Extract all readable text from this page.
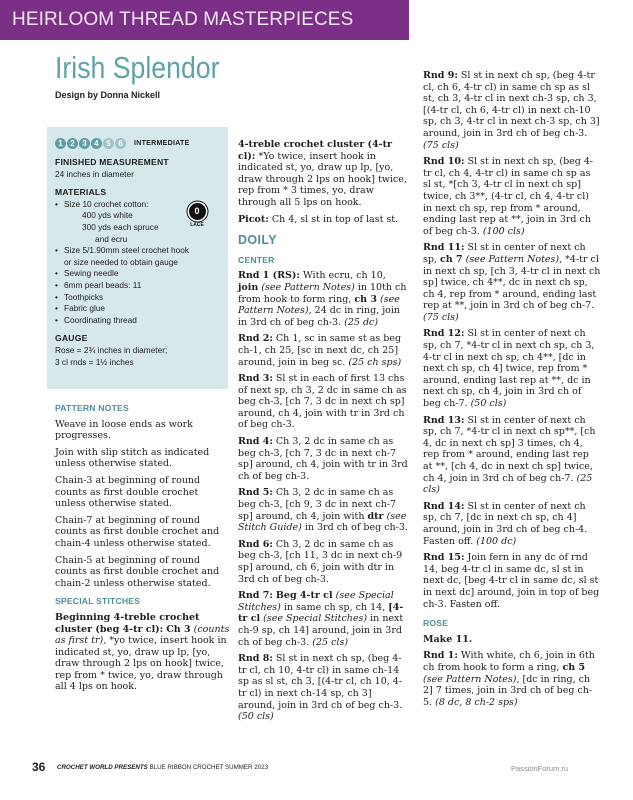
HEIRLOOM THREAD MASTERPIECES
Irish Splendor
Design by Donna Nickell
1 2 3 4 5 6	INTERMEDIATE
FINISHED MEASUREMENT
24 inches in diameter
MATERIALS
• Size 10 crochet cotton:
400 yds white
300 yds each spruce
and ecru
• Size 5/1.90mm steel crochet hook
or size needed to obtain gauge
• Sewing needle
• 6mm pearl beads: 11
• Toothpicks
• Fabric glue
• Coordinating thread
GAUGE
Rose = 2¾ inches in diameter;
3 cl rnds = 1½ inches
0
LACE
PATTERN NOTES

Weave in loose ends as work progresses.

Join with slip stitch as indicated unless otherwise stated.

Chain-3 at beginning of round counts as first double crochet unless otherwise stated.

Chain-7 at beginning of round counts as first double crochet and chain-4 unless otherwise stated.

Chain-5 at beginning of round counts as first double crochet and chain-2 unless otherwise stated.

SPECIAL STITCHES

Beginning 4-treble crochet cluster (beg 4-tr cl): Ch 3 (counts as first tr), *yo twice, insert hook in indicated st, yo, draw up lp, [yo, draw through 2 lps on hook] twice, rep from * twice, yo, draw through all 4 lps on hook.

4-treble crochet cluster (4-tr cl): *Yo twice, insert hook in indicated st, yo, draw up lp, [yo, draw through 2 lps on hook] twice, rep from * 3 times, yo, draw through all 5 lps on hook.

Picot: Ch 4, sl st in top of last st.

DOILY
CENTER

Rnd 1 (RS): With ecru, ch 10, join (see Pattern Notes) in 10th ch from hook to form ring, ch 3 (see Pattern Notes), 24 dc in ring, join in 3rd ch of beg ch-3. (25 dc)

Rnd 2: Ch 1, sc in same st as beg ch-1, ch 25, [sc in next dc, ch 25] around, join in beg sc. (25 ch sps)

Rnd 3: Sl st in each of first 13 chs of next sp, ch 3, 2 dc in same ch as beg ch-3, [ch 7, 3 dc in next ch sp] around, ch 4, join with tr in 3rd ch of beg ch-3.

Rnd 4: Ch 3, 2 dc in same ch as beg ch-3, [ch 7, 3 dc in next ch-7 sp] around, ch 4, join with tr in 3rd ch of beg ch-3.

Rnd 5: Ch 3, 2 dc in same ch as beg ch-3, [ch 9, 3 dc in next ch-7 sp] around, ch 4, join with dtr (see Stitch Guide) in 3rd ch of beg ch-3.

Rnd 6: Ch 3, 2 dc in same ch as beg ch-3, [ch 11, 3 dc in next ch-9 sp] around, ch 6, join with dtr in 3rd ch of beg ch-3.

Rnd 7: Beg 4-tr cl (see Special Stitches) in same ch sp, ch 14, [4-tr cl (see Special Stitches) in next ch-9 sp, ch 14] around, join in 3rd ch of beg ch-3. (25 cls)

Rnd 8: Sl st in next ch sp, (beg 4-tr cl, ch 10, 4-tr cl) in same ch-14 sp as sl st, ch 3, [(4-tr cl, ch 10, 4-tr cl) in next ch-14 sp, ch 3] around, join in 3rd ch of beg ch-3. (50 cls)

Rnd 9: Sl st in next ch sp, (beg 4-tr cl, ch 6, 4-tr cl) in same ch sp as sl st, ch 3, 4-tr cl in next ch-3 sp, ch 3, [(4-tr cl, ch 6, 4-tr cl) in next ch-10 sp, ch 3, 4-tr cl in next ch-3 sp, ch 3] around, join in 3rd ch of beg ch-3. (75 cls)

Rnd 10: Sl st in next ch sp, (beg 4-tr cl, ch 4, 4-tr cl) in same ch sp as sl st, *[ch 3, 4-tr cl in next ch sp] twice, ch 3**, (4-tr cl, ch 4, 4-tr cl) in next ch sp, rep from * around, ending last rep at **, join in 3rd ch of beg ch-3. (100 cls)

Rnd 11: Sl st in center of next ch sp, ch 7 (see Pattern Notes), *4-tr cl in next ch sp, [ch 3, 4-tr cl in next ch sp] twice, ch 4**, dc in next ch sp, ch 4, rep from * around, ending last rep at **, join in 3rd ch of beg ch-7. (75 cls)

Rnd 12: Sl st in center of next ch sp, ch 7, *4-tr cl in next ch sp, ch 3, 4-tr cl in next ch sp, ch 4**, [dc in next ch sp, ch 4] twice, rep from * around, ending last rep at **, dc in next ch sp, ch 4, join in 3rd ch of beg ch-7. (50 cls)

Rnd 13: Sl st in center of next ch sp, ch 7, *4-tr cl in next ch sp**, [ch 4, dc in next ch sp] 3 times, ch 4, rep from * around, ending last rep at **, [ch 4, dc in next ch sp] twice, ch 4, join in 3rd ch of beg ch-7. (25 cls)

Rnd 14: Sl st in center of next ch sp, ch 7, [dc in next ch sp, ch 4] around, join in 3rd ch of beg ch-4. Fasten off. (100 dc)

Rnd 15: Join fern in any dc of rnd 14, beg 4-tr cl in same dc, sl st in next dc, [beg 4-tr cl in same dc, sl st in next dc] around, join in top of beg ch-3. Fasten off.

ROSE

Make 11.

Rnd 1: With white, ch 6, join in 6th ch from hook to form a ring, ch 5 (see Pattern Notes), [dc in ring, ch 2] 7 times, join in 3rd ch of beg ch-5. (8 dc, 8 ch-2 sps)

36 CROCHET WORLD PRESENTS BLUE RIBBON CROCHET SUMMER 2023	PassionForum.ru
